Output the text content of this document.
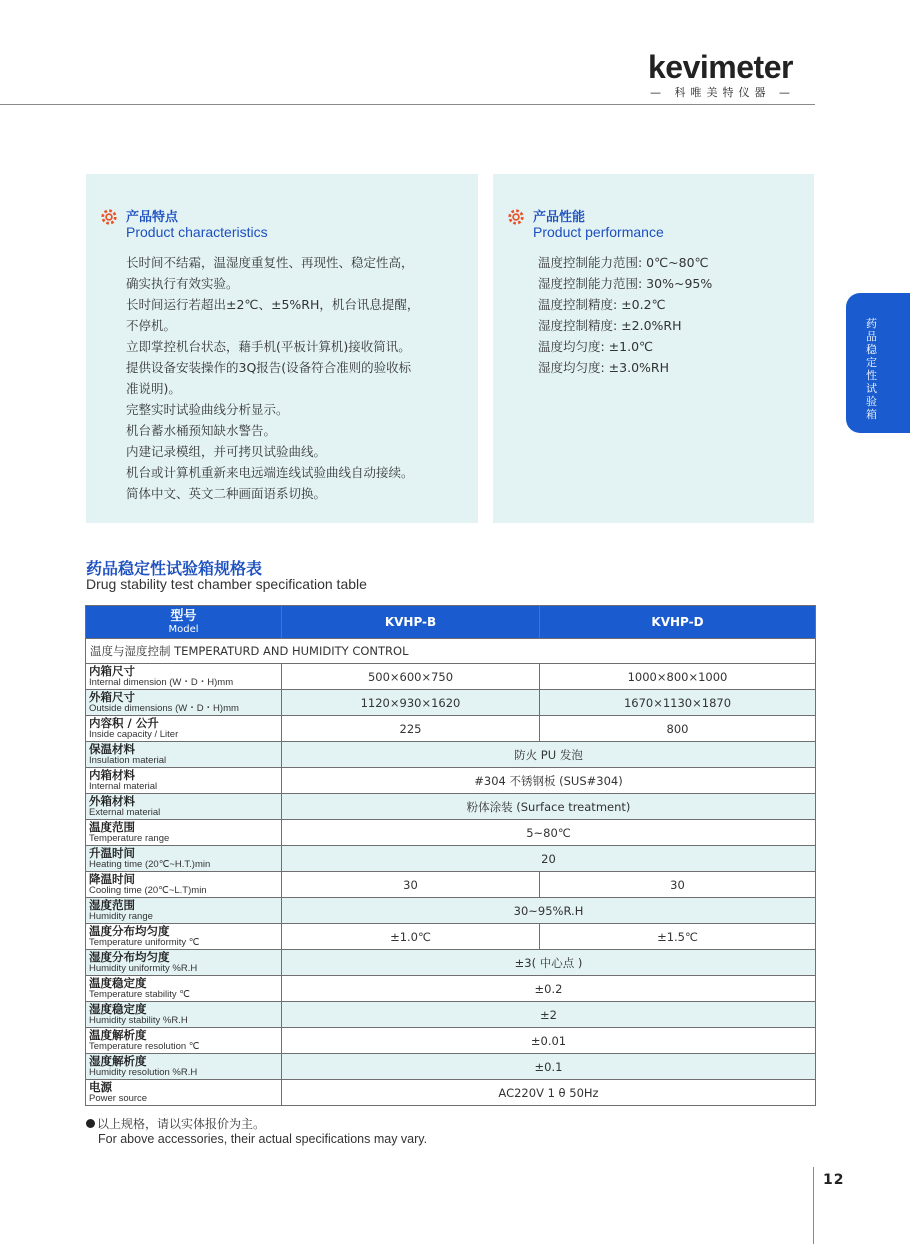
kevimeter
— 科唯美特仪器 —
产品特点
Product characteristics
长时间不结霜，温湿度重复性、再现性、稳定性高，
确实执行有效实验。
长时间运行若超出±2℃、±5%RH，机台讯息提醒，
不停机。
立即掌控机台状态，藉手机(平板计算机)接收简讯。
提供设备安装操作的3Q报告(设备符合准则的验收标
准说明)。
完整实时试验曲线分析显示。
机台蓄水桶预知缺水警告。
内建记录模组，并可拷贝试验曲线。
机台或计算机重新来电远端连线试验曲线自动接续。
简体中文、英文二种画面语系切换。
产品性能
Product performance
温度控制能力范围: 0℃~80℃
湿度控制能力范围: 30%~95%
温度控制精度: ±0.2℃
湿度控制精度: ±2.0%RH
温度均匀度: ±1.0℃
湿度均匀度: ±3.0%RH
药品稳定性试验箱
药品稳定性试验箱规格表
Drug stability test chamber specification table
型号
Model	KVHP-B	KVHP-D
温度与湿度控制 TEMPERATURD AND HUMIDITY CONTROL		

内箱尺寸
Internal dimension (W・D・H)mm	500×600×750	1000×800×1000

外箱尺寸
Outside dimensions (W・D・H)mm	1120×930×1620	1670×1130×1870

内容积 / 公升
Inside capacity / Liter	225	800

保温材料
Insulation material	防火 PU 发泡	

内箱材料
Internal material	#304 不锈钢板 (SUS#304)	

外箱材料
External material	粉体涂装 (Surface treatment)	

温度范围
Temperature range	5~80℃	

升温时间
Heating time (20℃~H.T.)min	20	

降温时间
Cooling time (20℃~L.T)min	30	30

湿度范围
Humidity range	30~95%R.H	

温度分布均匀度
Temperature uniformity ℃	±1.0℃	±1.5℃

湿度分布均匀度
Humidity uniformity %R.H	±3( 中心点 )	

温度稳定度
Temperature stability ℃	±0.2	

湿度稳定度
Humidity stability %R.H	±2	

温度解析度
Temperature resolution ℃	±0.01	

湿度解析度
Humidity resolution %R.H	±0.1	

电源
Power source	AC220V 1 θ 50Hz	
以上规格，请以实体报价为主。
For above accessories, their actual specifications may vary.
12
